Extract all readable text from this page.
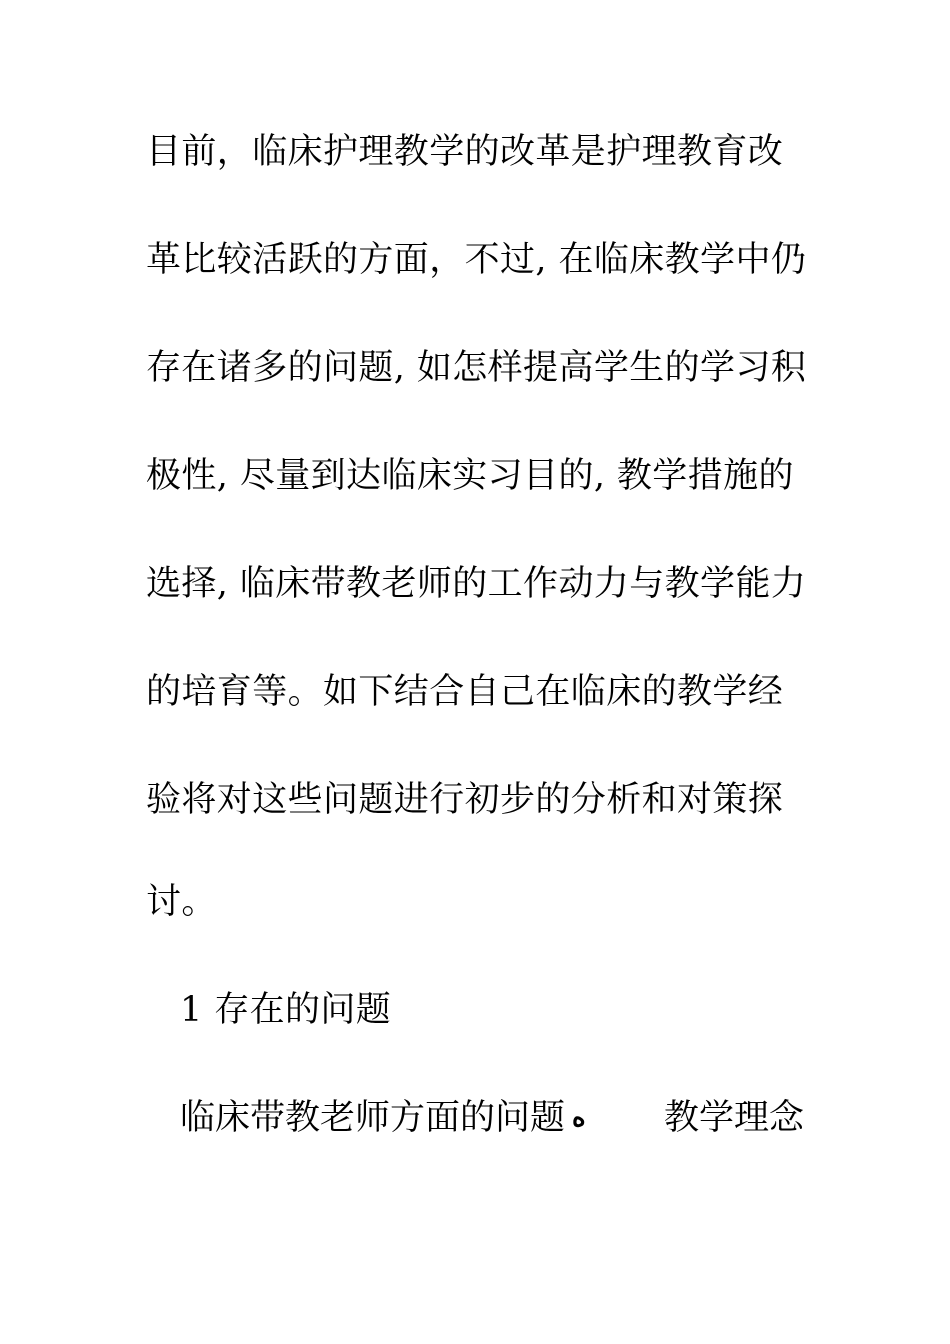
目前，临床护理教学的改革是护理教育改
革比较活跃的方面，不过, 在临床教学中仍
存在诸多的问题, 如怎样提高学生的学习积
极性, 尽量到达临床实习目的, 教学措施的
选择, 临床带教老师的工作动力与教学能力
的培育等。如下结合自己在临床的教学经
验将对这些问题进行初步的分析和对策探
讨。
1 存在的问题
临床带教老师方面的问题 ه 教学理念
